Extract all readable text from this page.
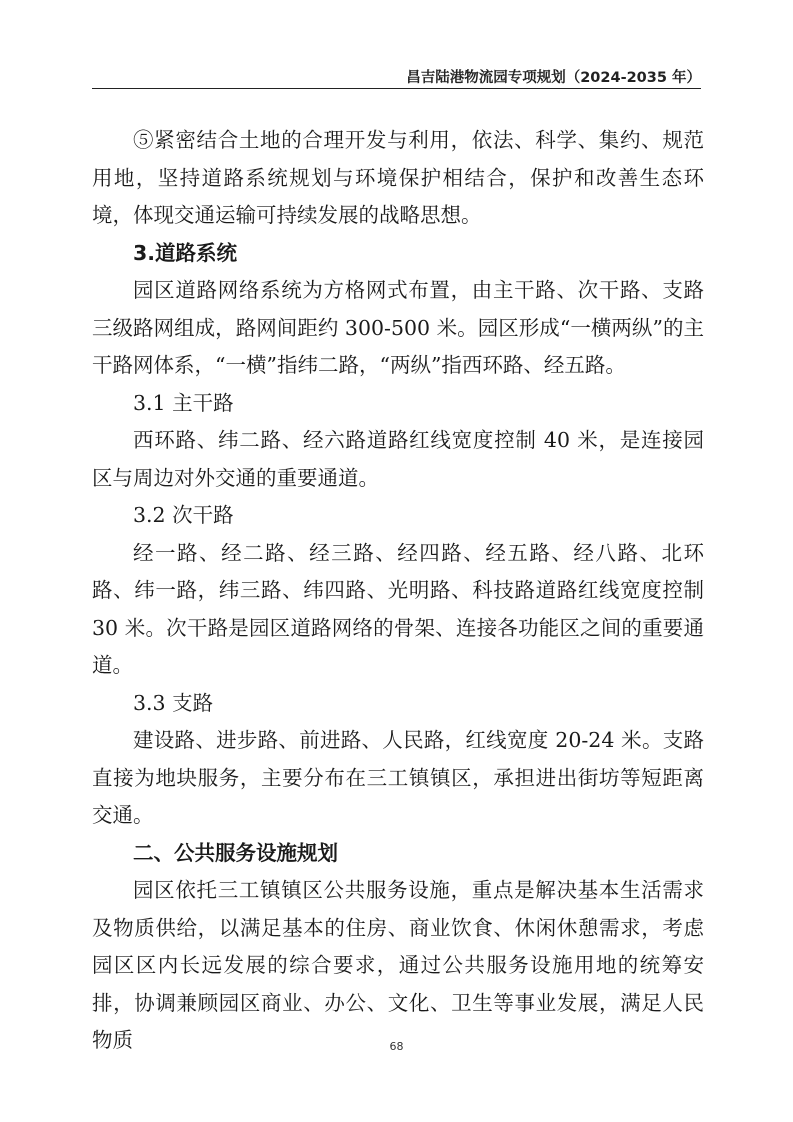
昌吉陆港物流园专项规划（2024-2035 年）

⑤紧密结合土地的合理开发与利用，依法、科学、集约、规范用地，坚持道路系统规划与环境保护相结合，保护和改善生态环境，体现交通运输可持续发展的战略思想。

3.道路系统

园区道路网络系统为方格网式布置，由主干路、次干路、支路三级路网组成，路网间距约 300-500 米。园区形成“一横两纵”的主干路网体系，“一横”指纬二路，“两纵”指西环路、经五路。

3.1 主干路

西环路、纬二路、经六路道路红线宽度控制 40 米，是连接园区与周边对外交通的重要通道。

3.2 次干路

经一路、经二路、经三路、经四路、经五路、经八路、北环路、纬一路，纬三路、纬四路、光明路、科技路道路红线宽度控制 30 米。次干路是园区道路网络的骨架、连接各功能区之间的重要通道。

3.3 支路

建设路、进步路、前进路、人民路，红线宽度 20-24 米。支路直接为地块服务，主要分布在三工镇镇区，承担进出街坊等短距离交通。

二、公共服务设施规划

园区依托三工镇镇区公共服务设施，重点是解决基本生活需求及物质供给，以满足基本的住房、商业饮食、休闲休憩需求，考虑园区区内长远发展的综合要求，通过公共服务设施用地的统筹安排，协调兼顾园区商业、办公、文化、卫生等事业发展，满足人民物质	68
